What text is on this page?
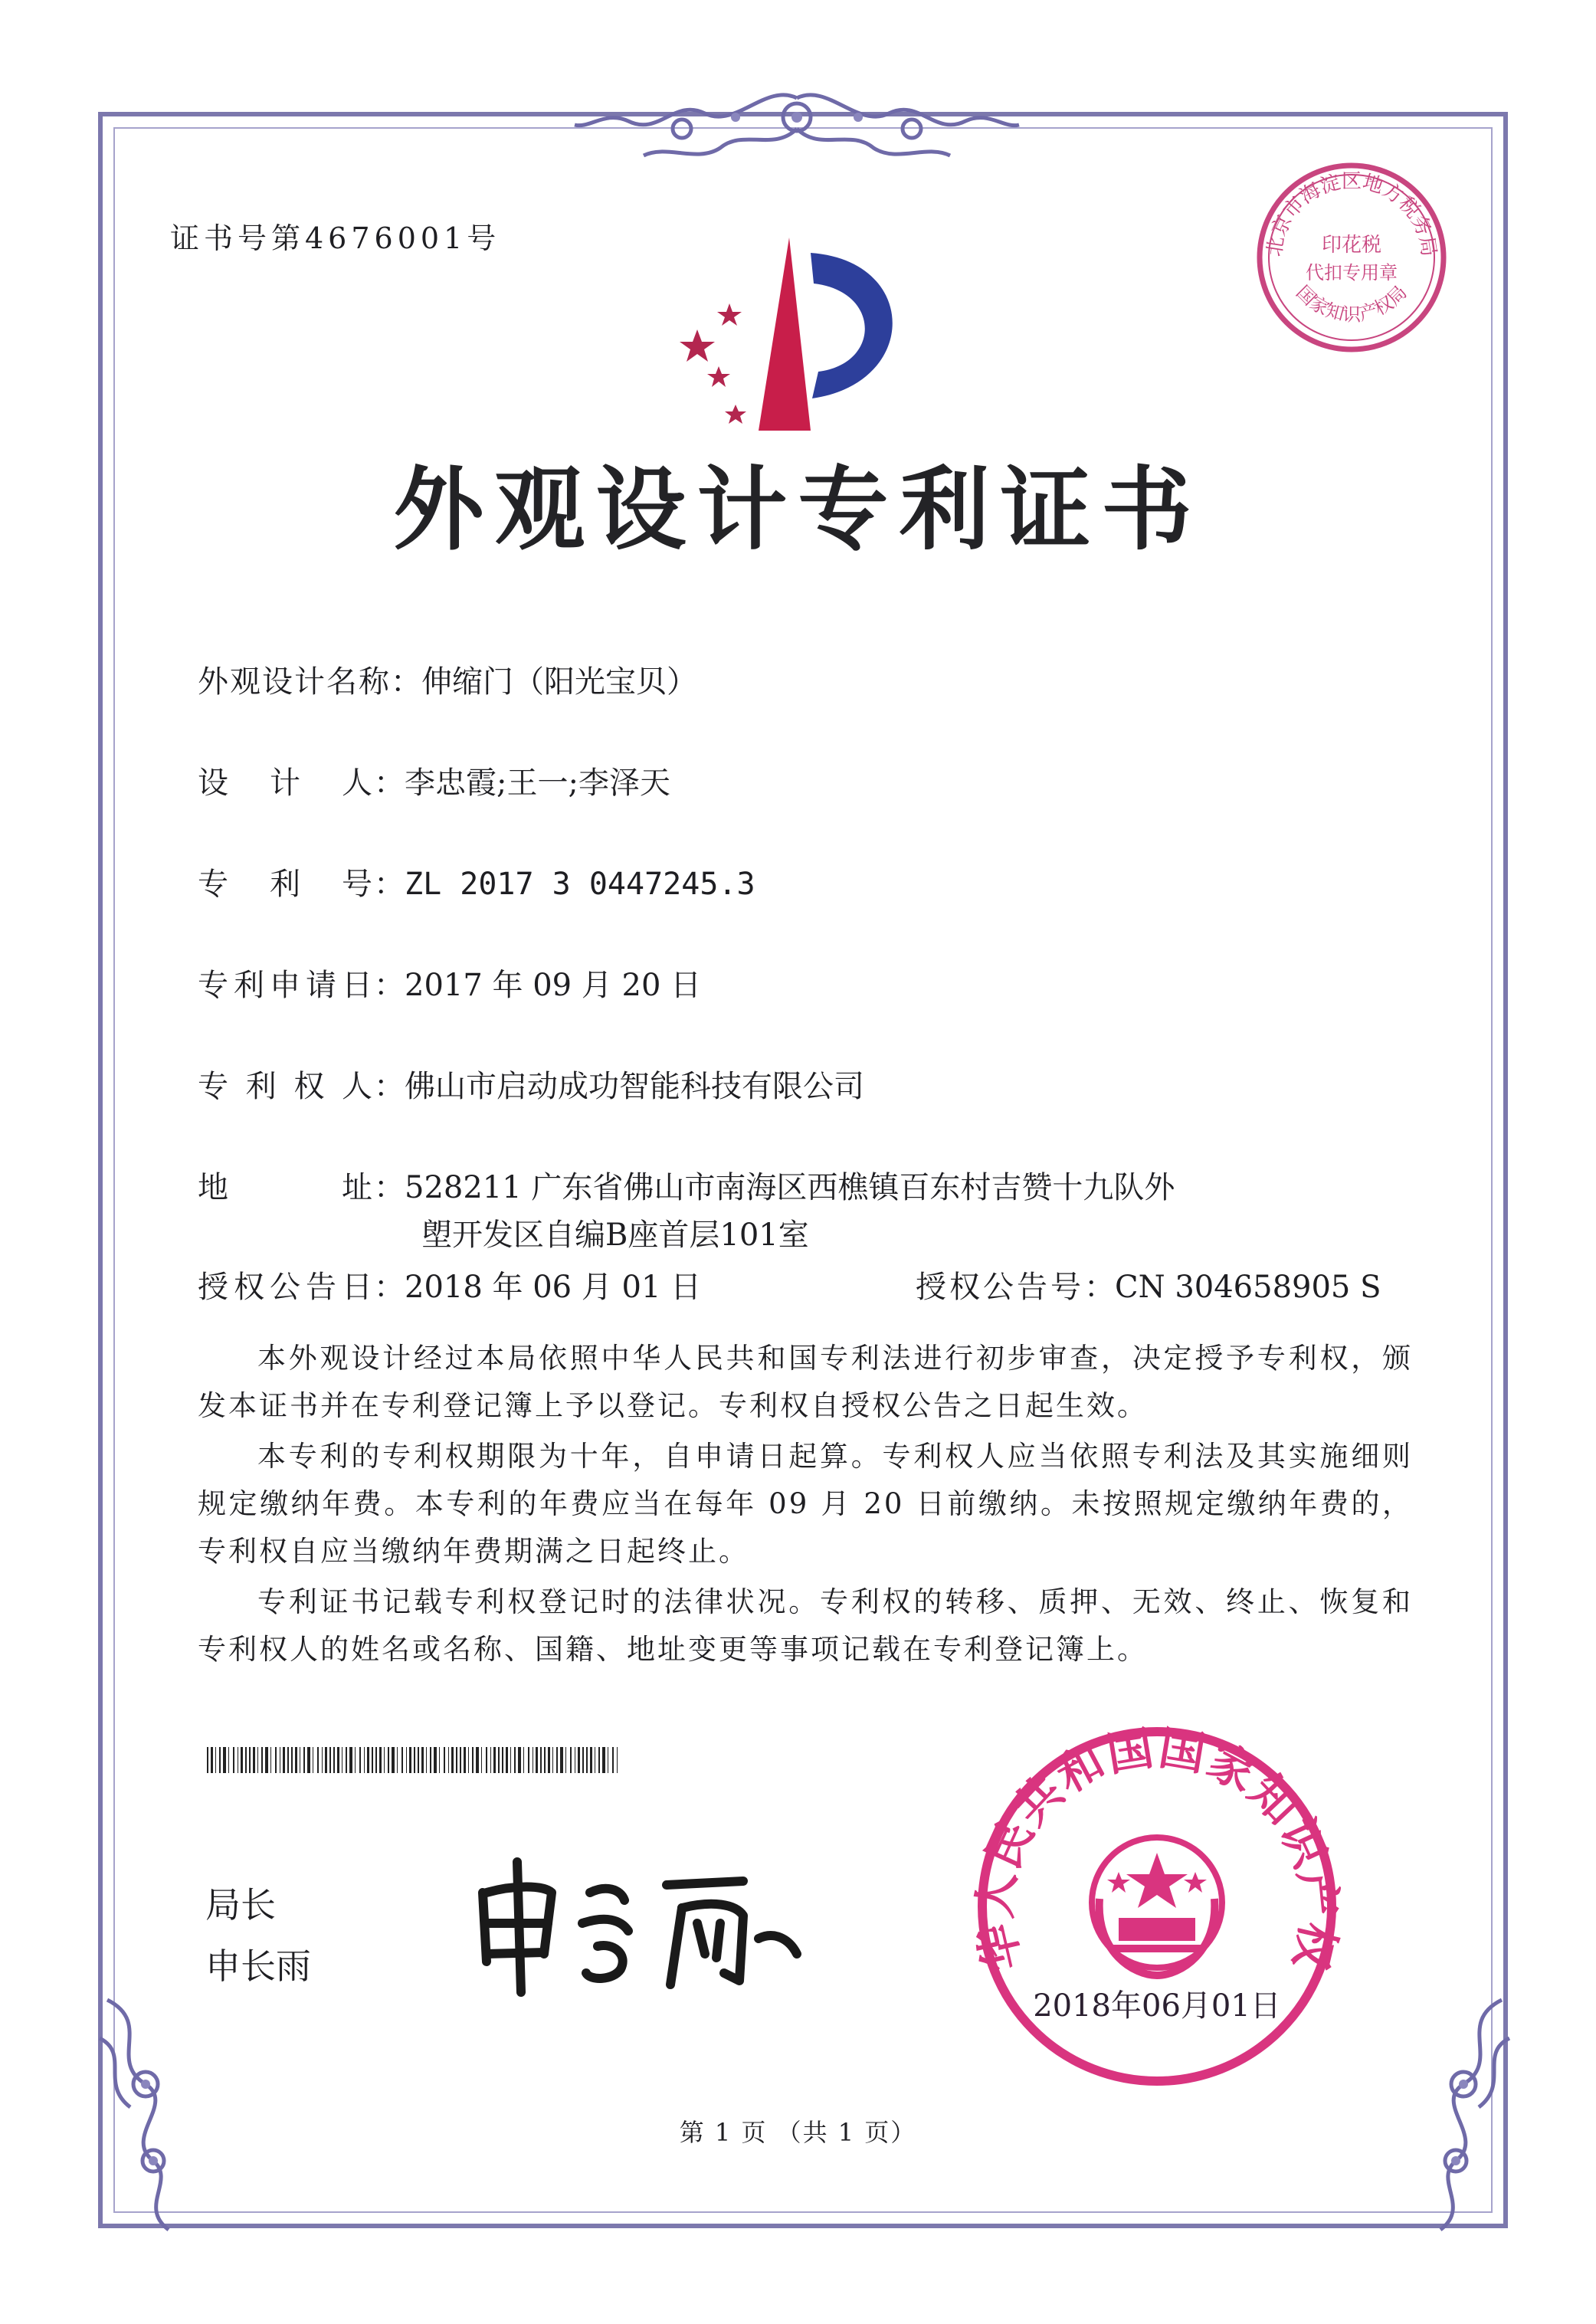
证书号第4676001号	北京市海淀区地方税务局
国家知识产权局
印花税
代扣专用章
外观设计专利证书
外观设计名称：伸缩门（阳光宝贝）
设计人：李忠霞;王一;李泽天
专利号：ZL 2017 3 0447245.3
专利申请日：2017 年 09 月 20 日
专利权人：佛山市启动成功智能科技有限公司
地址：528211 广东省佛山市南海区西樵镇百东村吉赞十九队外
塱开发区自编B座首层101室
授权公告日：2018 年 06 月 01 日	授权公告号：CN 304658905 S
本外观设计经过本局依照中华人民共和国专利法进行初步审查，决定授予专利权，颁发本证书并在专利登记簿上予以登记。专利权自授权公告之日起生效。
本专利的专利权期限为十年，自申请日起算。专利权人应当依照专利法及其实施细则规定缴纳年费。本专利的年费应当在每年 09 月 20 日前缴纳。未按照规定缴纳年费的，专利权自应当缴纳年费期满之日起终止。
专利证书记载专利权登记时的法律状况。专利权的转移、质押、无效、终止、恢复和专利权人的姓名或名称、国籍、地址变更等事项记载在专利登记簿上。
局长
申长雨	华人民共和国国家知识产权
2018年06月01日
第 1 页 （共 1 页）
